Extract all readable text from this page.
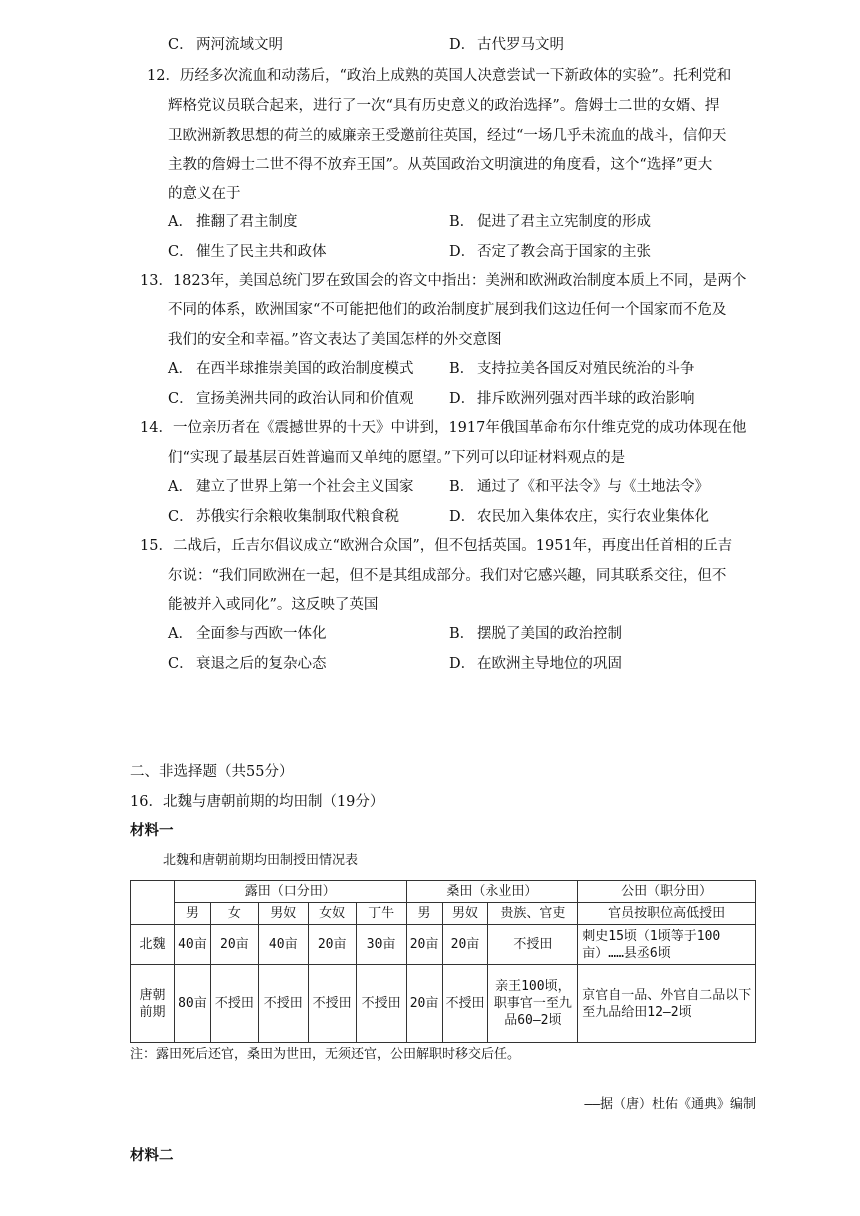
C． 两河流域文明	D． 古代罗马文明
12．历经多次流血和动荡后，“政治上成熟的英国人决意尝试一下新政体的实验”。托利党和
辉格党议员联合起来，进行了一次“具有历史意义的政治选择”。詹姆士二世的女婿、捍
卫欧洲新教思想的荷兰的威廉亲王受邀前往英国，经过“一场几乎未流血的战斗，信仰天
主教的詹姆士二世不得不放弃王国”。从英国政治文明演进的角度看，这个“选择”更大
的意义在于
A． 推翻了君主制度	B． 促进了君主立宪制度的形成
C． 催生了民主共和政体	D． 否定了教会高于国家的主张
13．1823年，美国总统门罗在致国会的咨文中指出：美洲和欧洲政治制度本质上不同，是两个
不同的体系，欧洲国家“不可能把他们的政治制度扩展到我们这边任何一个国家而不危及
我们的安全和幸福。”咨文表达了美国怎样的外交意图
A． 在西半球推崇美国的政治制度模式 B． 支持拉美各国反对殖民统治的斗争
C． 宣扬美洲共同的政治认同和价值观 D． 排斥欧洲列强对西半球的政治影响
14．一位亲历者在《震撼世界的十天》中讲到，1917年俄国革命布尔什维克党的成功体现在他
们“实现了最基层百姓普遍而又单纯的愿望。”下列可以印证材料观点的是
A． 建立了世界上第一个社会主义国家 B． 通过了《和平法令》与《土地法令》
C． 苏俄实行余粮收集制取代粮食税	D． 农民加入集体农庄，实行农业集体化
15．二战后，丘吉尔倡议成立“欧洲合众国”，但不包括英国。1951年，再度出任首相的丘吉
尔说：“我们同欧洲在一起，但不是其组成部分。我们对它感兴趣，同其联系交往，但不
能被并入或同化”。这反映了英国
A． 全面参与西欧一体化	B． 摆脱了美国的政治控制
C． 衰退之后的复杂心态	D． 在欧洲主导地位的巩固
二、非选择题（共55分）
16．北魏与唐朝前期的均田制（19分）
材料一
北魏和唐朝前期均田制授田情况表
	露田（口分田）					桑田（永业田）			公田（职分田）
	男	女	男奴	女奴	丁牛	男	男奴	贵族、官吏	官员按职位高低授田
北魏	40亩	20亩	40亩	20亩	30亩	20亩	20亩	不授田	刺史15顷（1顷等于100亩）……县丞6顷
唐朝前期	80亩	不授田	不授田	不授田	不授田	20亩	不授田	亲王100顷，职事官一至九品60—2顷	京官自一品、外官自二品以下至九品给田12—2顷
注：露田死后还官，桑田为世田，无须还官，公田解职时移交后任。
——据（唐）杜佑《通典》编制
材料二
